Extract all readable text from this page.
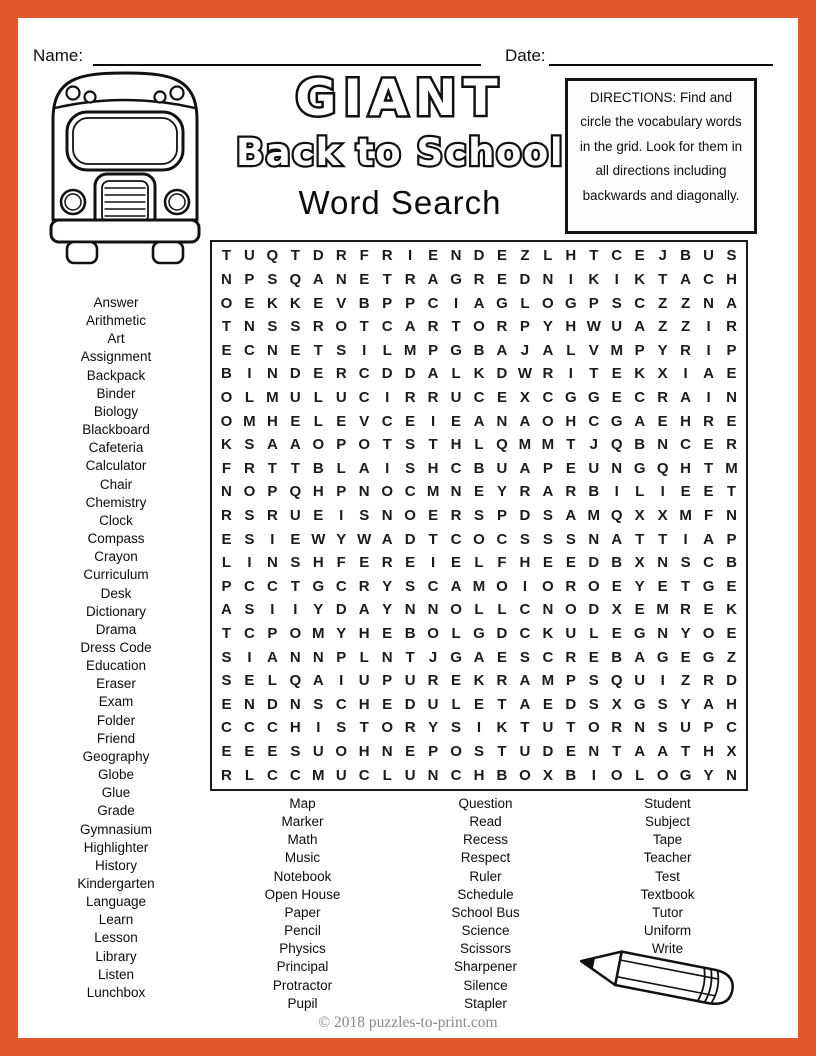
Name:	Date:
GIANT
Back to School
Word Search
DIRECTIONS: Find and circle the vocabulary words in the grid. Look for them in all directions including backwards and diagonally.
T U Q T D R F R	I	E N D E Z L H T C E J B U S
N P S Q A N E T R A G R E D N	I	K	I	K T A C H
O E K K E V B P P C	I	A G L O G P S C Z Z N A
T N S S R O T C A R T O R P Y H W U A Z Z	I	R
E C N E T S	I	L M P G B A J A L V M P Y R	I	P
B	I	N D E R C D D A L K D W R	I	T E K X	I	A E
O L M U L U C	I	R R U C E X C G G E C R A	I	N
O M H E L E V C E	I	E A N A O H C G A E H R E
K S A A O P O T S T H L Q M M T J Q B N C E R
F R T T B L A	I	S H C B U A P E U N G Q H T M
N O P Q H P N O C M N E Y R A R B	I	L	I	E E T
R S R U E	I	S N O E R S P D S A M Q X X M F N
E S	I	E W Y W A D T C O C S S S N A T T	I	A P
L	I	N S H F E R E	I	E L F H E E D B X N S C B
P C C T G C R Y S C A M O	I	O R O E Y E T G E
A S	I	I	Y D A Y N N O L L C N O D X E M R E K
T C P O M Y H E B O L G D C K U L E G N Y O E
S	I	A N N P L N T J G A E S C R E B A G E G Z
S E L Q A	I	U P U R E K R A M P S Q U	I	Z R D
E N D N S C H E D U L E T A E D S X G S Y A H
C C C H	I	S T O R Y S	I	K T U T O R N S U P C
E E E S U O H N E P O S T U D E N T A A T H X
R L C C M U C L U N C H B O X B	I	O L O G Y N
Answer
Arithmetic
Art
Assignment
Backpack
Binder
Biology
Blackboard
Cafeteria
Calculator
Chair
Chemistry
Clock
Compass
Crayon
Curriculum
Desk
Dictionary
Drama
Dress Code
Education
Eraser
Exam
Folder
Friend
Geography
Globe
Glue
Grade
Gymnasium
Highlighter
History
Kindergarten
Language
Learn
Lesson
Library
Listen
Lunchbox
Map
Marker
Math
Music
Notebook
Open House
Paper
Pencil
Physics
Principal
Protractor
Pupil
Question
Read
Recess
Respect
Ruler
Schedule
School Bus
Science
Scissors
Sharpener
Silence
Stapler
Student
Subject
Tape
Teacher
Test
Textbook
Tutor
Uniform
Write
© 2018 puzzles-to-print.com
